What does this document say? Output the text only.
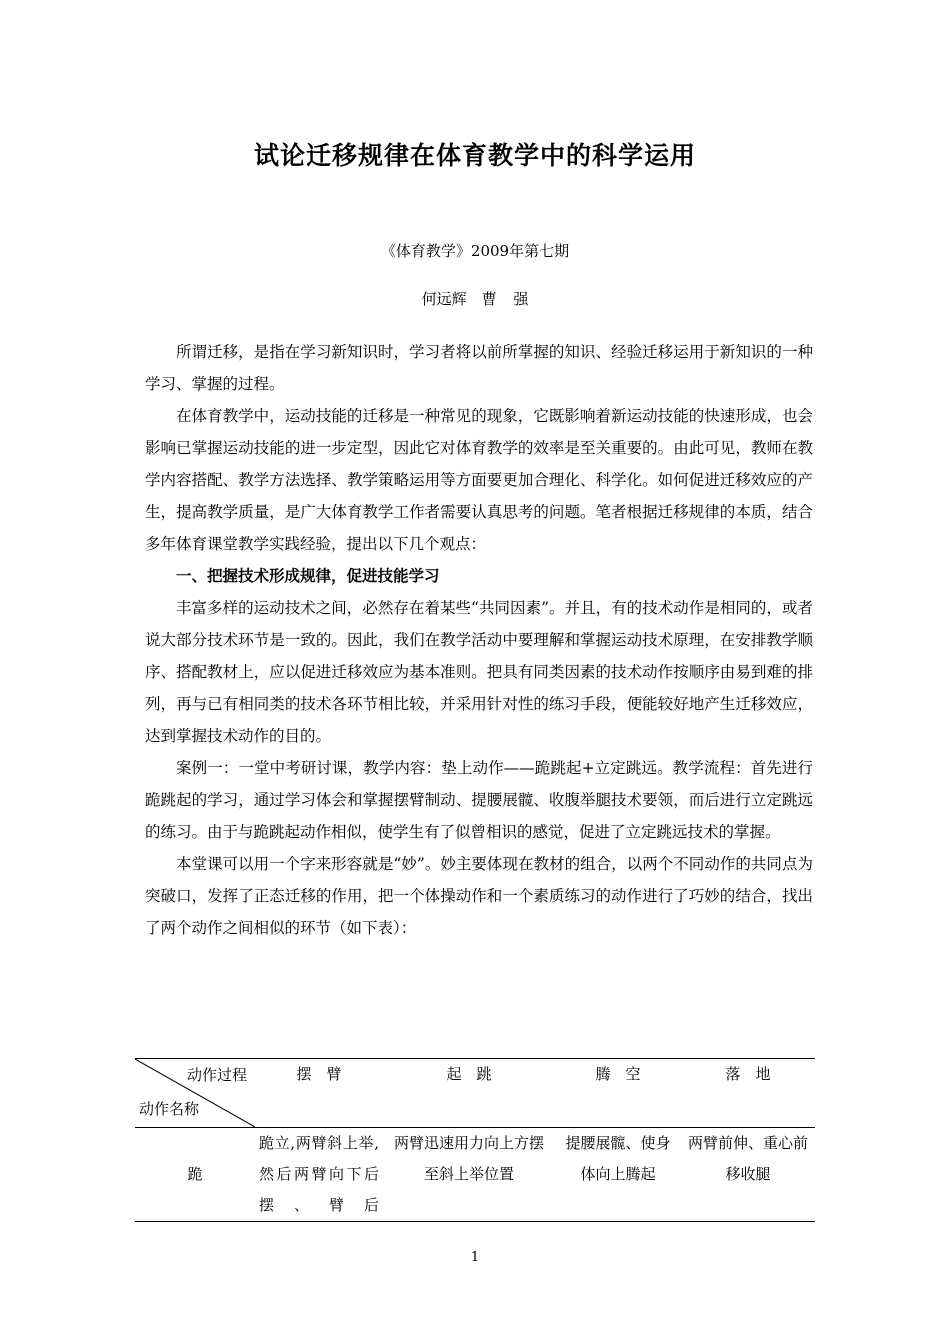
试论迁移规律在体育教学中的科学运用
《体育教学》2009年第七期
何远辉　曹 强

所谓迁移，是指在学习新知识时，学习者将以前所掌握的知识、经验迁移运用于新知识的一种学习、掌握的过程。

在体育教学中，运动技能的迁移是一种常见的现象，它既影响着新运动技能的快速形成，也会影响已掌握运动技能的进一步定型，因此它对体育教学的效率是至关重要的。由此可见，教师在教学内容搭配、教学方法选择、教学策略运用等方面要更加合理化、科学化。如何促进迁移效应的产生，提高教学质量，是广大体育教学工作者需要认真思考的问题。笔者根据迁移规律的本质，结合多年体育课堂教学实践经验，提出以下几个观点：

一、把握技术形成规律，促进技能学习

丰富多样的运动技术之间，必然存在着某些“共同因素”。并且，有的技术动作是相同的，或者说大部分技术环节是一致的。因此，我们在教学活动中要理解和掌握运动技术原理，在安排教学顺序、搭配教材上，应以促进迁移效应为基本准则。把具有同类因素的技术动作按顺序由易到难的排列，再与已有相同类的技术各环节相比较，并采用针对性的练习手段，便能较好地产生迁移效应，达到掌握技术动作的目的。

案例一：一堂中考研讨课，教学内容：垫上动作——跪跳起+立定跳远。教学流程：首先进行跪跳起的学习，通过学习体会和掌握摆臂制动、提腰展髋、收腹举腿技术要领，而后进行立定跳远的练习。由于与跪跳起动作相似，使学生有了似曾相识的感觉，促进了立定跳远技术的掌握。

本堂课可以用一个字来形容就是“妙”。妙主要体现在教材的组合，以两个不同动作的共同点为突破口，发挥了正态迁移的作用，把一个体操动作和一个素质练习的动作进行了巧妙的结合，找出了两个动作之间相似的环节（如下表）：

动作过程
动作名称	摆　臂	起　跳	腾　空	落　地
跪	跪立,两臂斜上举,然后两臂向下后摆、臂后	两臂迅速用力向上方摆至斜上举位置	提腰展髋、使身体向上腾起	两臂前伸、重心前移收腿
1
